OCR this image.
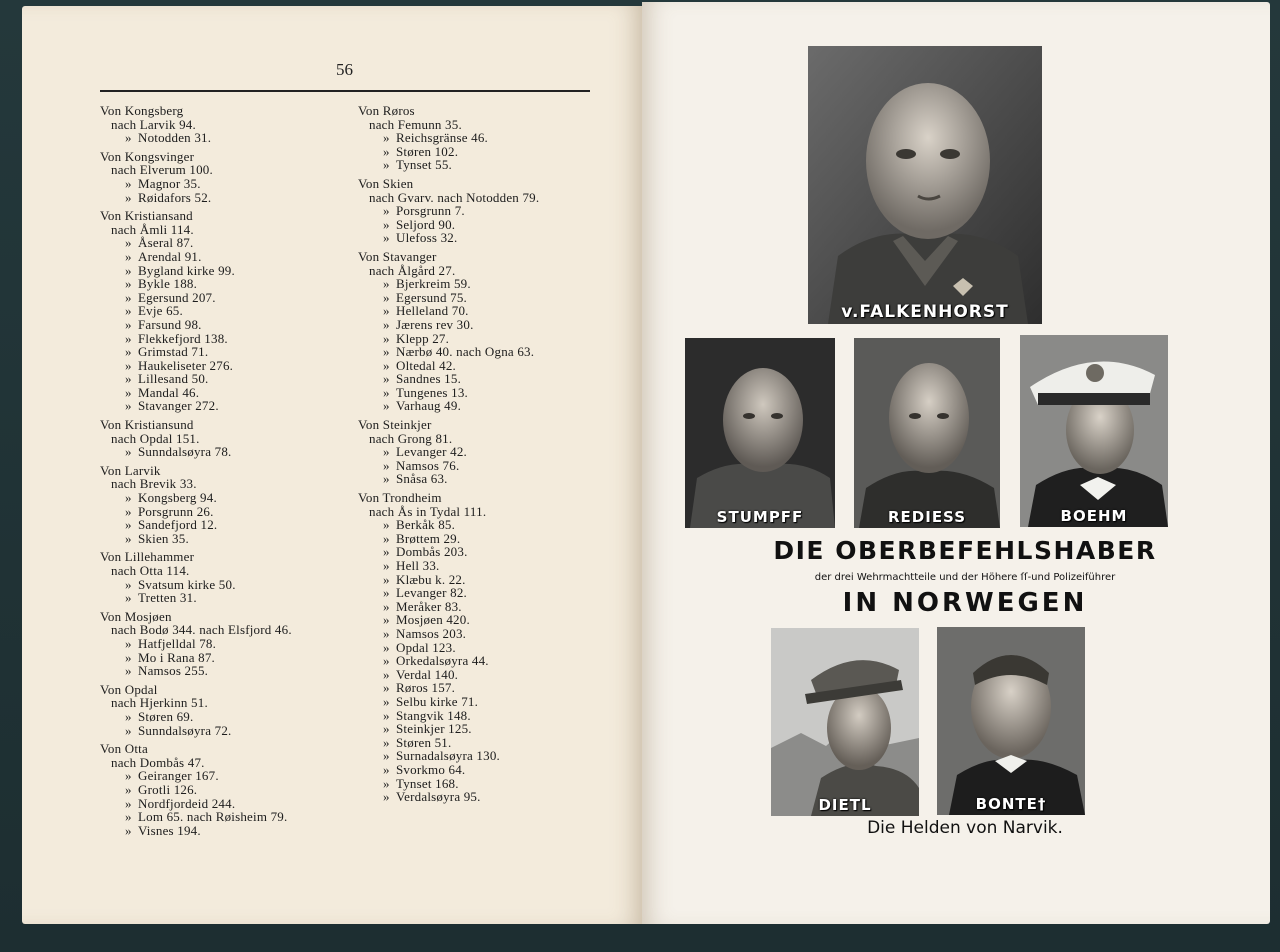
56
Von Kongsberg
nach Larvik 94.
» Notodden 31.
Von Kongsvinger
nach Elverum 100.
» Magnor 35.
» Røidafors 52.
Von Kristiansand
nach Åmli 114.
» Åseral 87.
» Arendal 91.
» Bygland kirke 99.
» Bykle 188.
» Egersund 207.
» Evje 65.
» Farsund 98.
» Flekkefjord 138.
» Grimstad 71.
» Haukeliseter 276.
» Lillesand 50.
» Mandal 46.
» Stavanger 272.
Von Kristiansund
nach Opdal 151.
» Sunndalsøyra 78.
Von Larvik
nach Brevik 33.
» Kongsberg 94.
» Porsgrunn 26.
» Sandefjord 12.
» Skien 35.
Von Lillehammer
nach Otta 114.
» Svatsum kirke 50.
» Tretten 31.
Von Mosjøen
nach Bodø 344. nach Elsfjord 46.
» Hatfjelldal 78.
» Mo i Rana 87.
» Namsos 255.
Von Opdal
nach Hjerkinn 51.
» Støren 69.
» Sunndalsøyra 72.
Von Otta
nach Dombås 47.
» Geiranger 167.
» Grotli 126.
» Nordfjordeid 244.
» Lom 65. nach Røisheim 79.
» Visnes 194.
Von Røros
nach Femunn 35.
» Reichsgränse 46.
» Støren 102.
» Tynset 55.
Von Skien
nach Gvarv. nach Notodden 79.
» Porsgrunn 7.
» Seljord 90.
» Ulefoss 32.
Von Stavanger
nach Ålgård 27.
» Bjerkreim 59.
» Egersund 75.
» Helleland 70.
» Jærens rev 30.
» Klepp 27.
» Nærbø 40. nach Ogna 63.
» Oltedal 42.
» Sandnes 15.
» Tungenes 13.
» Varhaug 49.
Von Steinkjer
nach Grong 81.
» Levanger 42.
» Namsos 76.
» Snåsa 63.
Von Trondheim
nach Ås in Tydal 111.
» Berkåk 85.
» Brøttem 29.
» Dombås 203.
» Hell 33.
» Klæbu k. 22.
» Levanger 82.
» Meråker 83.
» Mosjøen 420.
» Namsos 203.
» Opdal 123.
» Orkedalsøyra 44.
» Verdal 140.
» Røros 157.
» Selbu kirke 71.
» Stangvik 148.
» Steinkjer 125.
» Støren 51.
» Surnadalsøyra 130.
» Svorkmo 64.
» Tynset 168.
» Verdalsøyra 95.
v.FALKENHORST
STUMPFF	REDIESS	BOEHM
DIE OBERBEFEHLSHABER
der drei Wehrmachtteile und der Höhere ſſ-und Polizeiführer
IN NORWEGEN
DIETL	BONTE†
Die Helden von Narvik.
